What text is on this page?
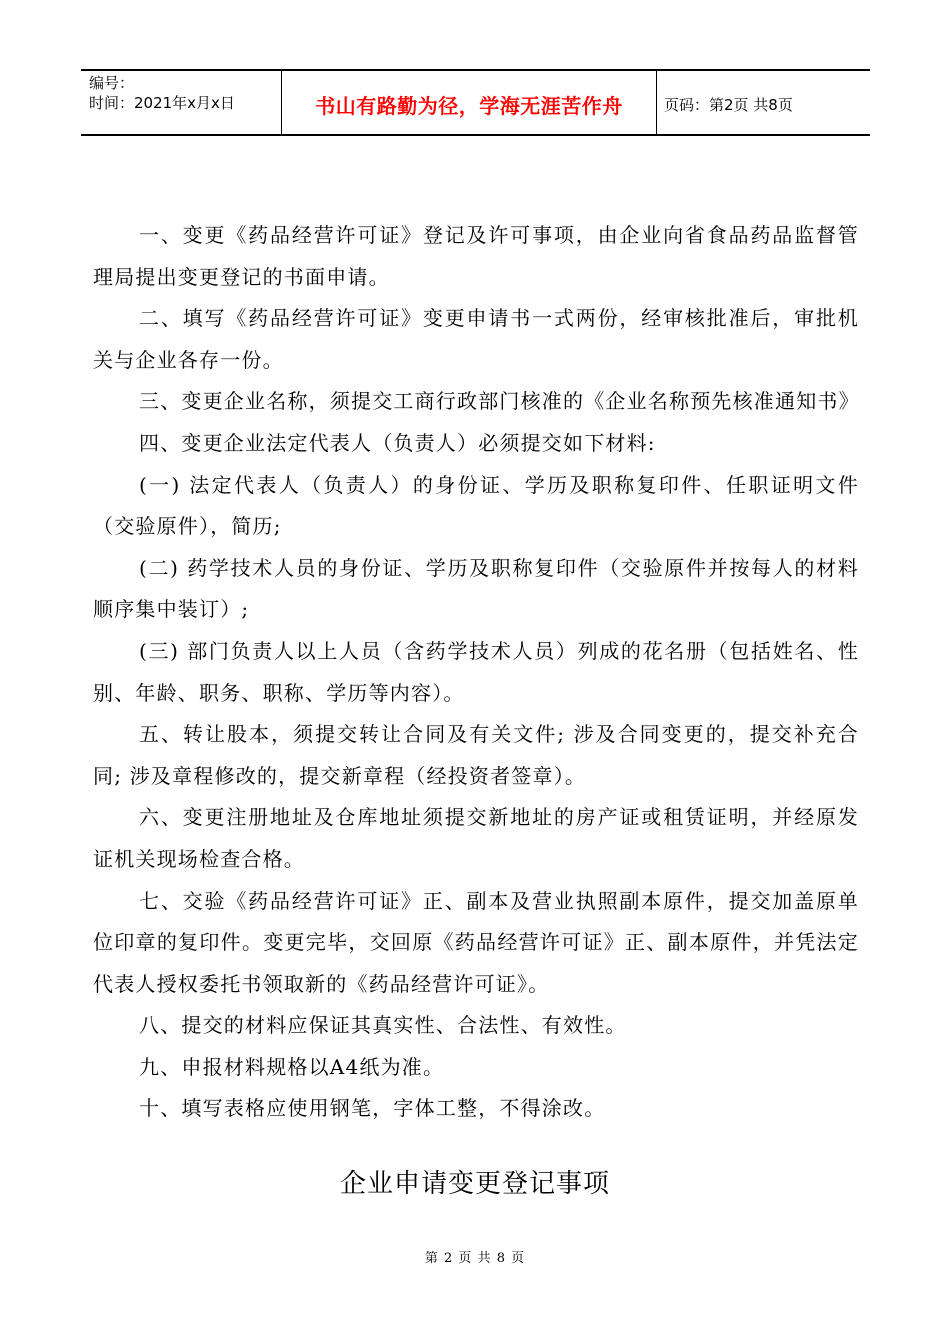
编号：
时间：2021年x月x日	书山有路勤为径，学海无涯苦作舟	页码：第2页 共8页

一、变更《药品经营许可证》登记及许可事项，由企业向省食品药品监督管理局提出变更登记的书面申请。

二、填写《药品经营许可证》变更申请书一式两份，经审核批准后，审批机关与企业各存一份。

三、变更企业名称，须提交工商行政部门核准的《企业名称预先核准通知书》

四、变更企业法定代表人（负责人）必须提交如下材料:

(一) 法定代表人（负责人）的身份证、学历及职称复印件、任职证明文件（交验原件），简历;

(二) 药学技术人员的身份证、学历及职称复印件（交验原件并按每人的材料顺序集中装订）;

(三) 部门负责人以上人员（含药学技术人员）列成的花名册（包括姓名、性别、年龄、职务、职称、学历等内容）。

五、转让股本，须提交转让合同及有关文件; 涉及合同变更的，提交补充合同; 涉及章程修改的，提交新章程（经投资者签章）。

六、变更注册地址及仓库地址须提交新地址的房产证或租赁证明，并经原发证机关现场检查合格。

七、交验《药品经营许可证》正、副本及营业执照副本原件，提交加盖原单位印章的复印件。变更完毕，交回原《药品经营许可证》正、副本原件，并凭法定代表人授权委托书领取新的《药品经营许可证》。

八、提交的材料应保证其真实性、合法性、有效性。

九、申报材料规格以A4纸为准。

十、填写表格应使用钢笔，字体工整，不得涂改。

企业申请变更登记事项
第 2 页 共 8 页
